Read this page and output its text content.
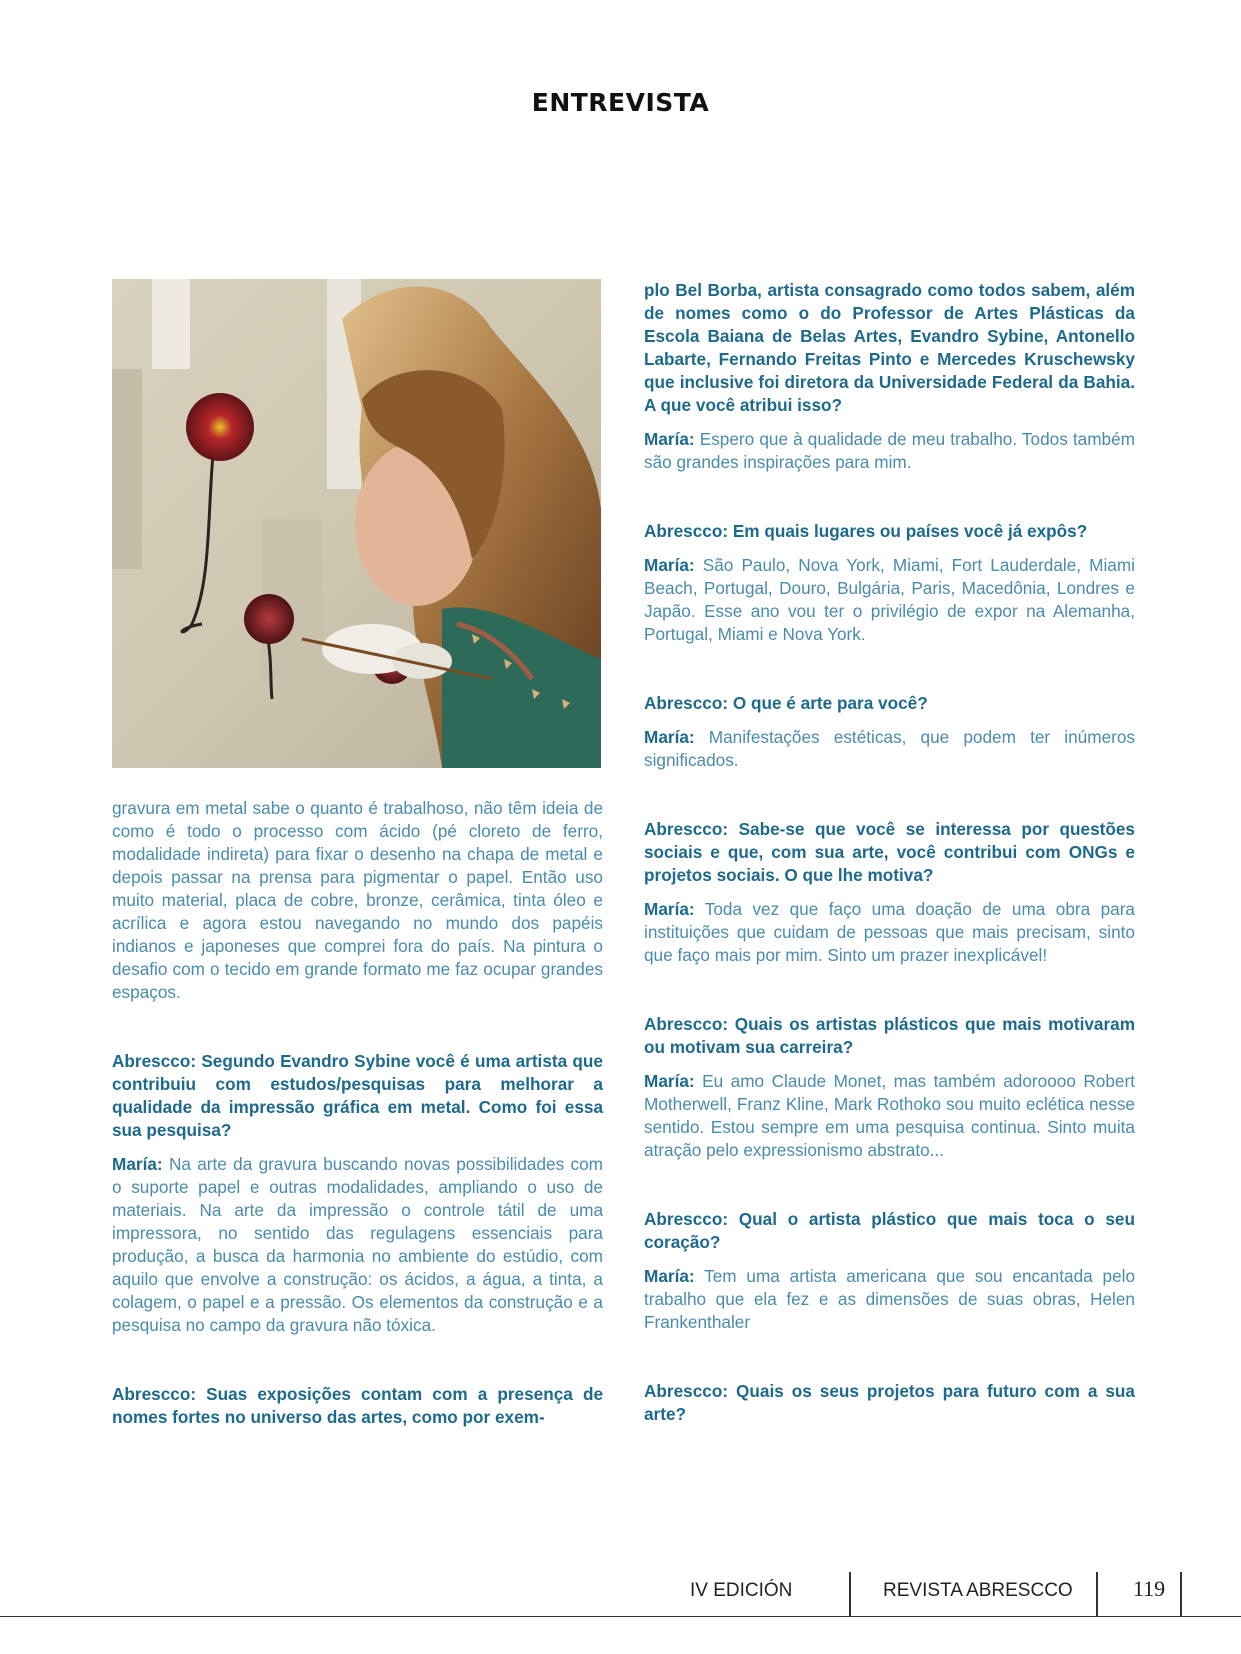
ENTREVISTA

gravura em metal sabe o quanto é trabalhoso, não têm ideia de como é todo o processo com ácido (pé cloreto de ferro, modalidade indireta) para fixar o desenho na chapa de metal e depois passar na prensa para pigmentar o papel. Então uso muito material, placa de cobre, bronze, cerâmica, tinta óleo e acrílica e agora estou navegando no mundo dos papéis indianos e japoneses que comprei fora do país. Na pintura o desafio com o tecido em grande formato me faz ocupar grandes espaços.

Abrescco: Segundo Evandro Sybine você é uma artista que contribuiu com estudos/pesquisas para melhorar a qualidade da impressão gráfica em metal. Como foi essa sua pesquisa?

María: Na arte da gravura buscando novas possibilidades com o suporte papel e outras modalidades, ampliando o uso de materiais. Na arte da impressão o controle tátil de uma impressora, no sentido das regulagens essenciais para produção, a busca da harmonia no ambiente do estúdio, com aquilo que envolve a construção: os ácidos, a água, a tinta, a colagem, o papel e a pressão. Os elementos da construção e a pesquisa no campo da gravura não tóxica.

Abrescco: Suas exposições contam com a presença de nomes fortes no universo das artes, como por exem-

plo Bel Borba, artista consagrado como todos sabem, além de nomes como o do Professor de Artes Plásticas da Escola Baiana de Belas Artes, Evandro Sybine, Antonello Labarte, Fernando Freitas Pinto e Mercedes Kruschewsky que inclusive foi diretora da Universidade Federal da Bahia. A que você atribui isso?

María: Espero que à qualidade de meu trabalho. Todos também são grandes inspirações para mim.

Abrescco: Em quais lugares ou países você já expôs?

María: São Paulo, Nova York, Miami, Fort Lauderdale, Miami Beach, Portugal, Douro, Bulgária, Paris, Macedônia, Londres e Japão. Esse ano vou ter o privilégio de expor na Alemanha, Portugal, Miami e Nova York.

Abrescco: O que é arte para você?

María: Manifestações estéticas, que podem ter inúmeros significados.

Abrescco: Sabe-se que você se interessa por questões sociais e que, com sua arte, você contribui com ONGs e projetos sociais. O que lhe motiva?

María: Toda vez que faço uma doação de uma obra para instituições que cuidam de pessoas que mais precisam, sinto que faço mais por mim. Sinto um prazer inexplicável!

Abrescco: Quais os artistas plásticos que mais motivaram ou motivam sua carreira?

María: Eu amo Claude Monet, mas também adoroooo Robert Motherwell, Franz Kline, Mark Rothoko sou muito eclética nesse sentido. Estou sempre em uma pesquisa continua. Sinto muita atração pelo expressionismo abstrato...

Abrescco: Qual o artista plástico que mais toca o seu coração?

María: Tem uma artista americana que sou encantada pelo trabalho que ela fez e as dimensões de suas obras, Helen Frankenthaler

Abrescco: Quais os seus projetos para futuro com a sua arte?

IV EDICIÓN	REVISTA ABRESCCO	119
